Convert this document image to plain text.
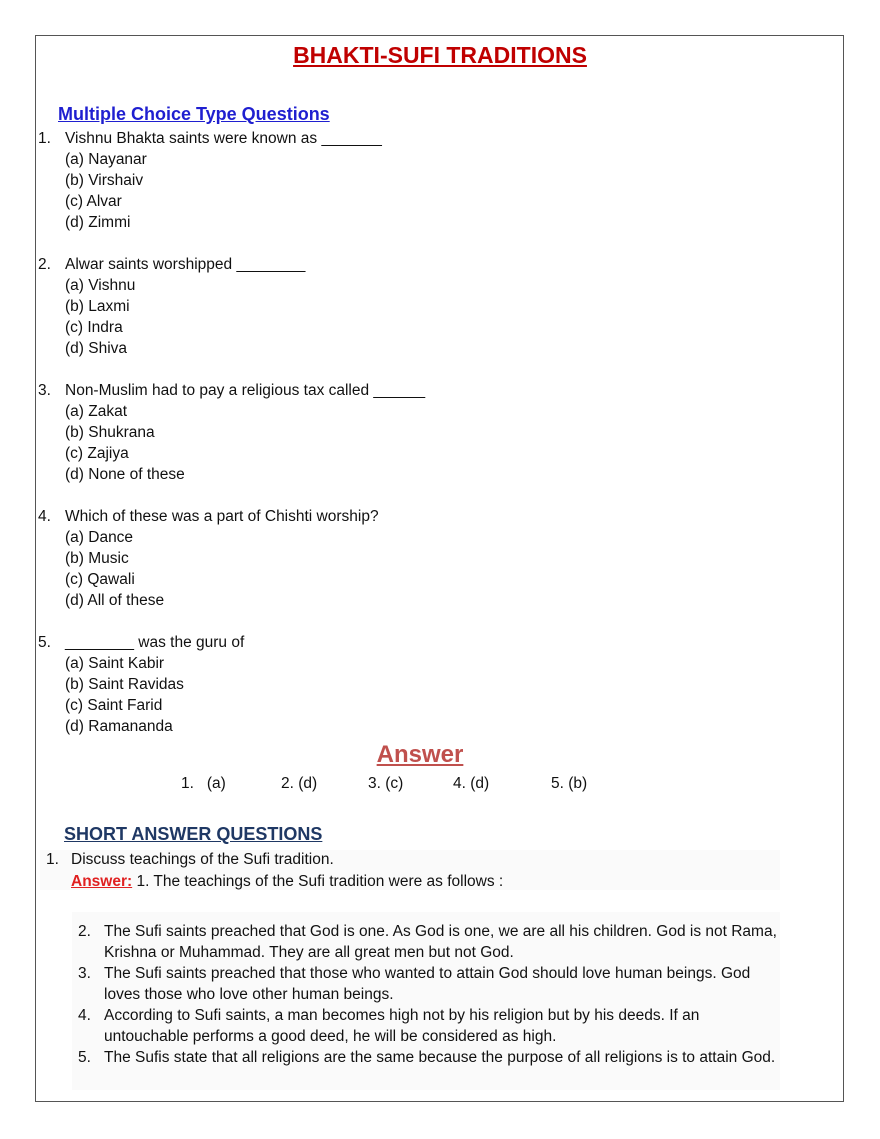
BHAKTI-SUFI TRADITIONS
Multiple Choice Type Questions
1. Vishnu Bhakta saints were known as _______
(a) Nayanar
(b) Virshaiv
(c) Alvar
(d) Zimmi
2. Alwar saints worshipped ________
(a) Vishnu
(b) Laxmi
(c) Indra
(d) Shiva
3. Non-Muslim had to pay a religious tax called ______
(a) Zakat
(b) Shukrana
(c) Zajiya
(d) None of these
4. Which of these was a part of Chishti worship?
(a) Dance
(b) Music
(c) Qawali
(d) All of these
5. ________ was the guru of
(a) Saint Kabir
(b) Saint Ravidas
(c) Saint Farid
(d) Ramananda
Answer
1.   (a)	2. (d)	3. (c)	4. (d)	5. (b)
SHORT ANSWER QUESTIONS
1. Discuss teachings of the Sufi tradition.
Answer: 1. The teachings of the Sufi tradition were as follows :
2. The Sufi saints preached that God is one. As God is one, we are all his children. God is not Rama, Krishna or Muhammad. They are all great men but not God.
3. The Sufi saints preached that those who wanted to attain God should love human beings. God loves those who love other human beings.
4. According to Sufi saints, a man becomes high not by his religion but by his deeds. If an untouchable performs a good deed, he will be considered as high.
5. The Sufis state that all religions are the same because the purpose of all religions is to attain God.
